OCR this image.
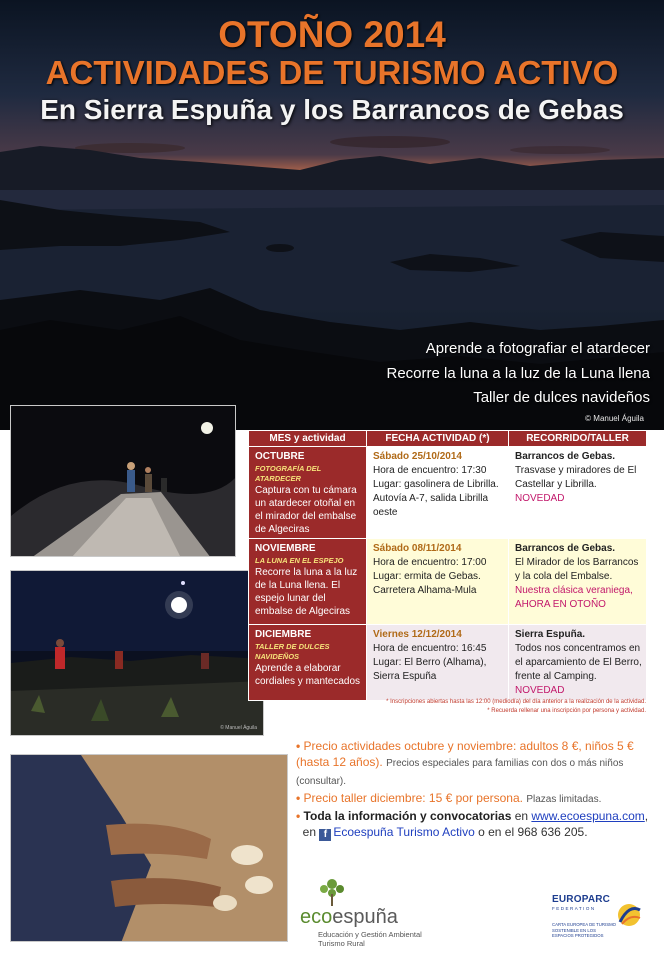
OTOÑO 2014
ACTIVIDADES DE TURISMO ACTIVO
En Sierra Espuña y los Barrancos de Gebas
Aprende a fotografiar el atardecer
Recorre la luna a la luz de la Luna llena
Taller de dulces navideños
© Manuel Águila
© Manuel Águila
MES y actividad	FECHA ACTIVIDAD (*)	RECORRIDO/TALLER

OCTUBRE
FOTOGRAFÍA DEL ATARDECER
Captura con tu cámara un atardecer otoñal en el mirador del embalse de Algeciras	Sábado 25/10/2014
Hora de encuentro: 17:30
Lugar: gasolinera de Librilla. Autovía A-7, salida Librilla oeste	Barrancos de Gebas.
Trasvase y miradores de El Castellar y Librilla. NOVEDAD

NOVIEMBRE
LA LUNA EN EL ESPEJO
Recorre la luna a la luz de la Luna llena. El espejo lunar del embalse de Algeciras	Sábado 08/11/2014
Hora de encuentro: 17:00
Lugar: ermita de Gebas. Carretera Alhama-Mula	Barrancos de Gebas.
El Mirador de los Barrancos y la cola del Embalse. Nuestra clásica veraniega, AHORA EN OTOÑO

DICIEMBRE
TALLER DE DULCES NAVIDEÑOS
Aprende a elaborar cordiales y mantecados	Viernes 12/12/2014
Hora de encuentro: 16:45
Lugar: El Berro (Alhama), Sierra Espuña	Sierra Espuña.
Todos nos concentramos en el aparcamiento de El Berro, frente al Camping. NOVEDAD
* Inscripciones abiertas hasta las 12:00 (mediodía) del día anterior a la realización de la actividad.
* Recuerda rellenar una inscripción por persona y actividad.
• Precio actividades octubre y noviembre: adultos 8 €, niños 5 € (hasta 12 años). Precios especiales para familias con dos o más niños (consultar).
• Precio taller diciembre: 15 € por persona. Plazas limitadas.
• Toda la información y convocatorias en www.ecoespuna.com,
en f Ecoespuña Turismo Activo o en el 968 636 205.
ecoespuña
Educación y Gestión Ambiental
Turismo Rural
EUROPARC
FEDERATION
CARTA EUROPEA DE TURISMO SOSTENIBLE EN LOS ESPACIOS PROTEGIDOS
